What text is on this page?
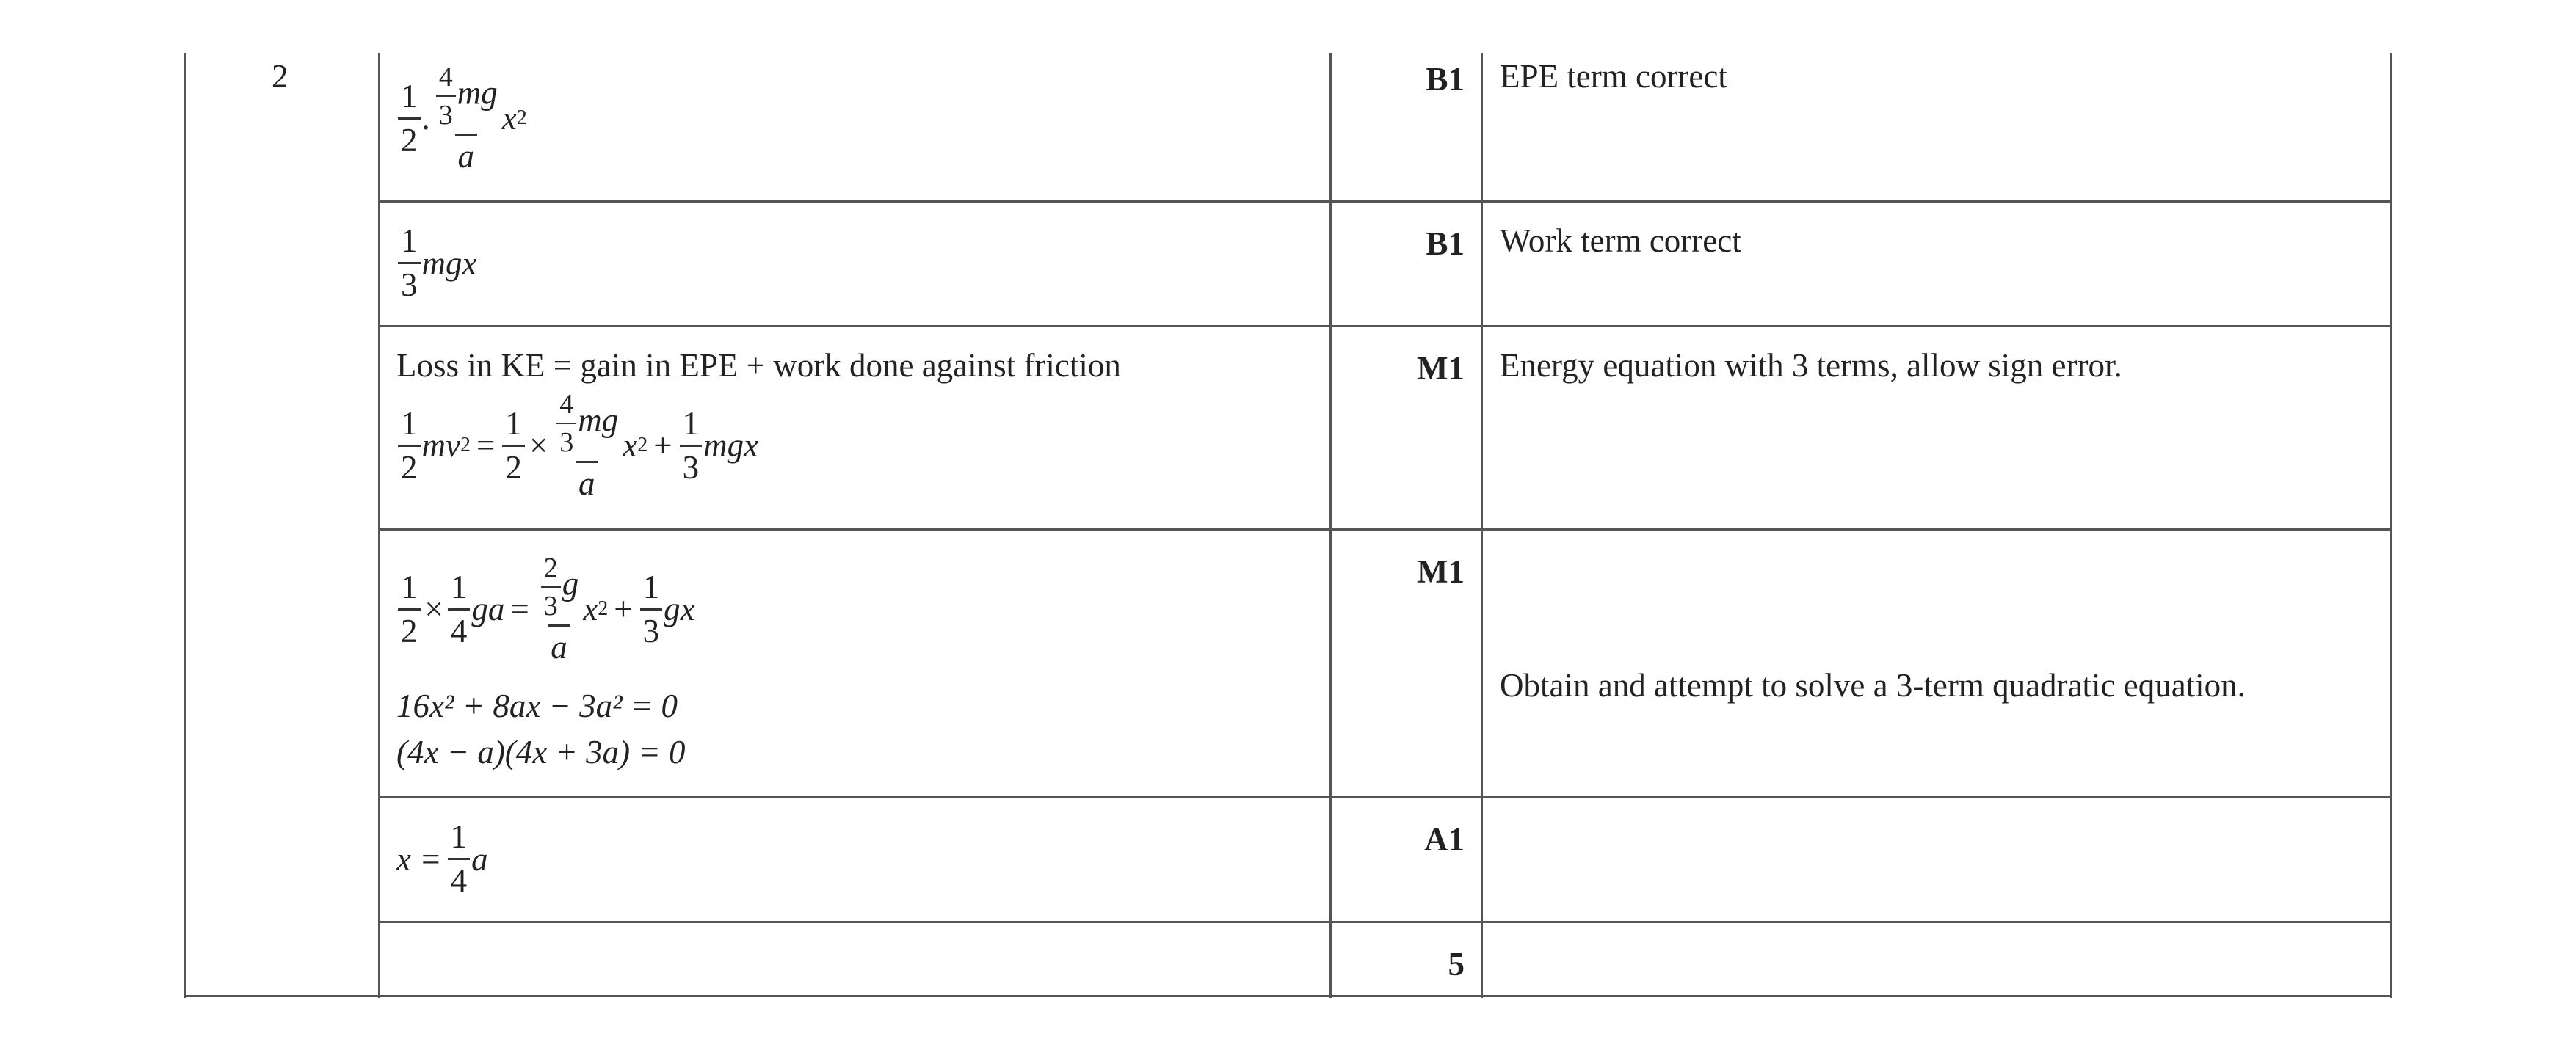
2
$\frac{1}{2}$ . $\frac{\frac{4}{3} mg}{a}$ x 2
B1 EPE term correct
$\frac{1}{3}$ mgx
B1 Work term correct
Loss in KE = gain in EPE + work done against friction
$\frac{1}{2}$ mv $2 = \frac{1}{2} \times \frac{\frac{4}{3} mg}{a}$ x $2 + \frac{1}{3}$ mgx
M1 Energy equation with 3 terms, allow sign error.
$\frac{1}{2} \times \frac{1}{4}$ ga = $\frac{\frac{2}{3} g}{a}$ x $2 + \frac{1}{3}$ gx
16x² + 8ax − 3a² = 0
(4x − a)(4x + 3a) = 0
M1
Obtain and attempt to solve a 3-term quadratic equation.
$x = \frac{1}{4}$ a
A1
5
